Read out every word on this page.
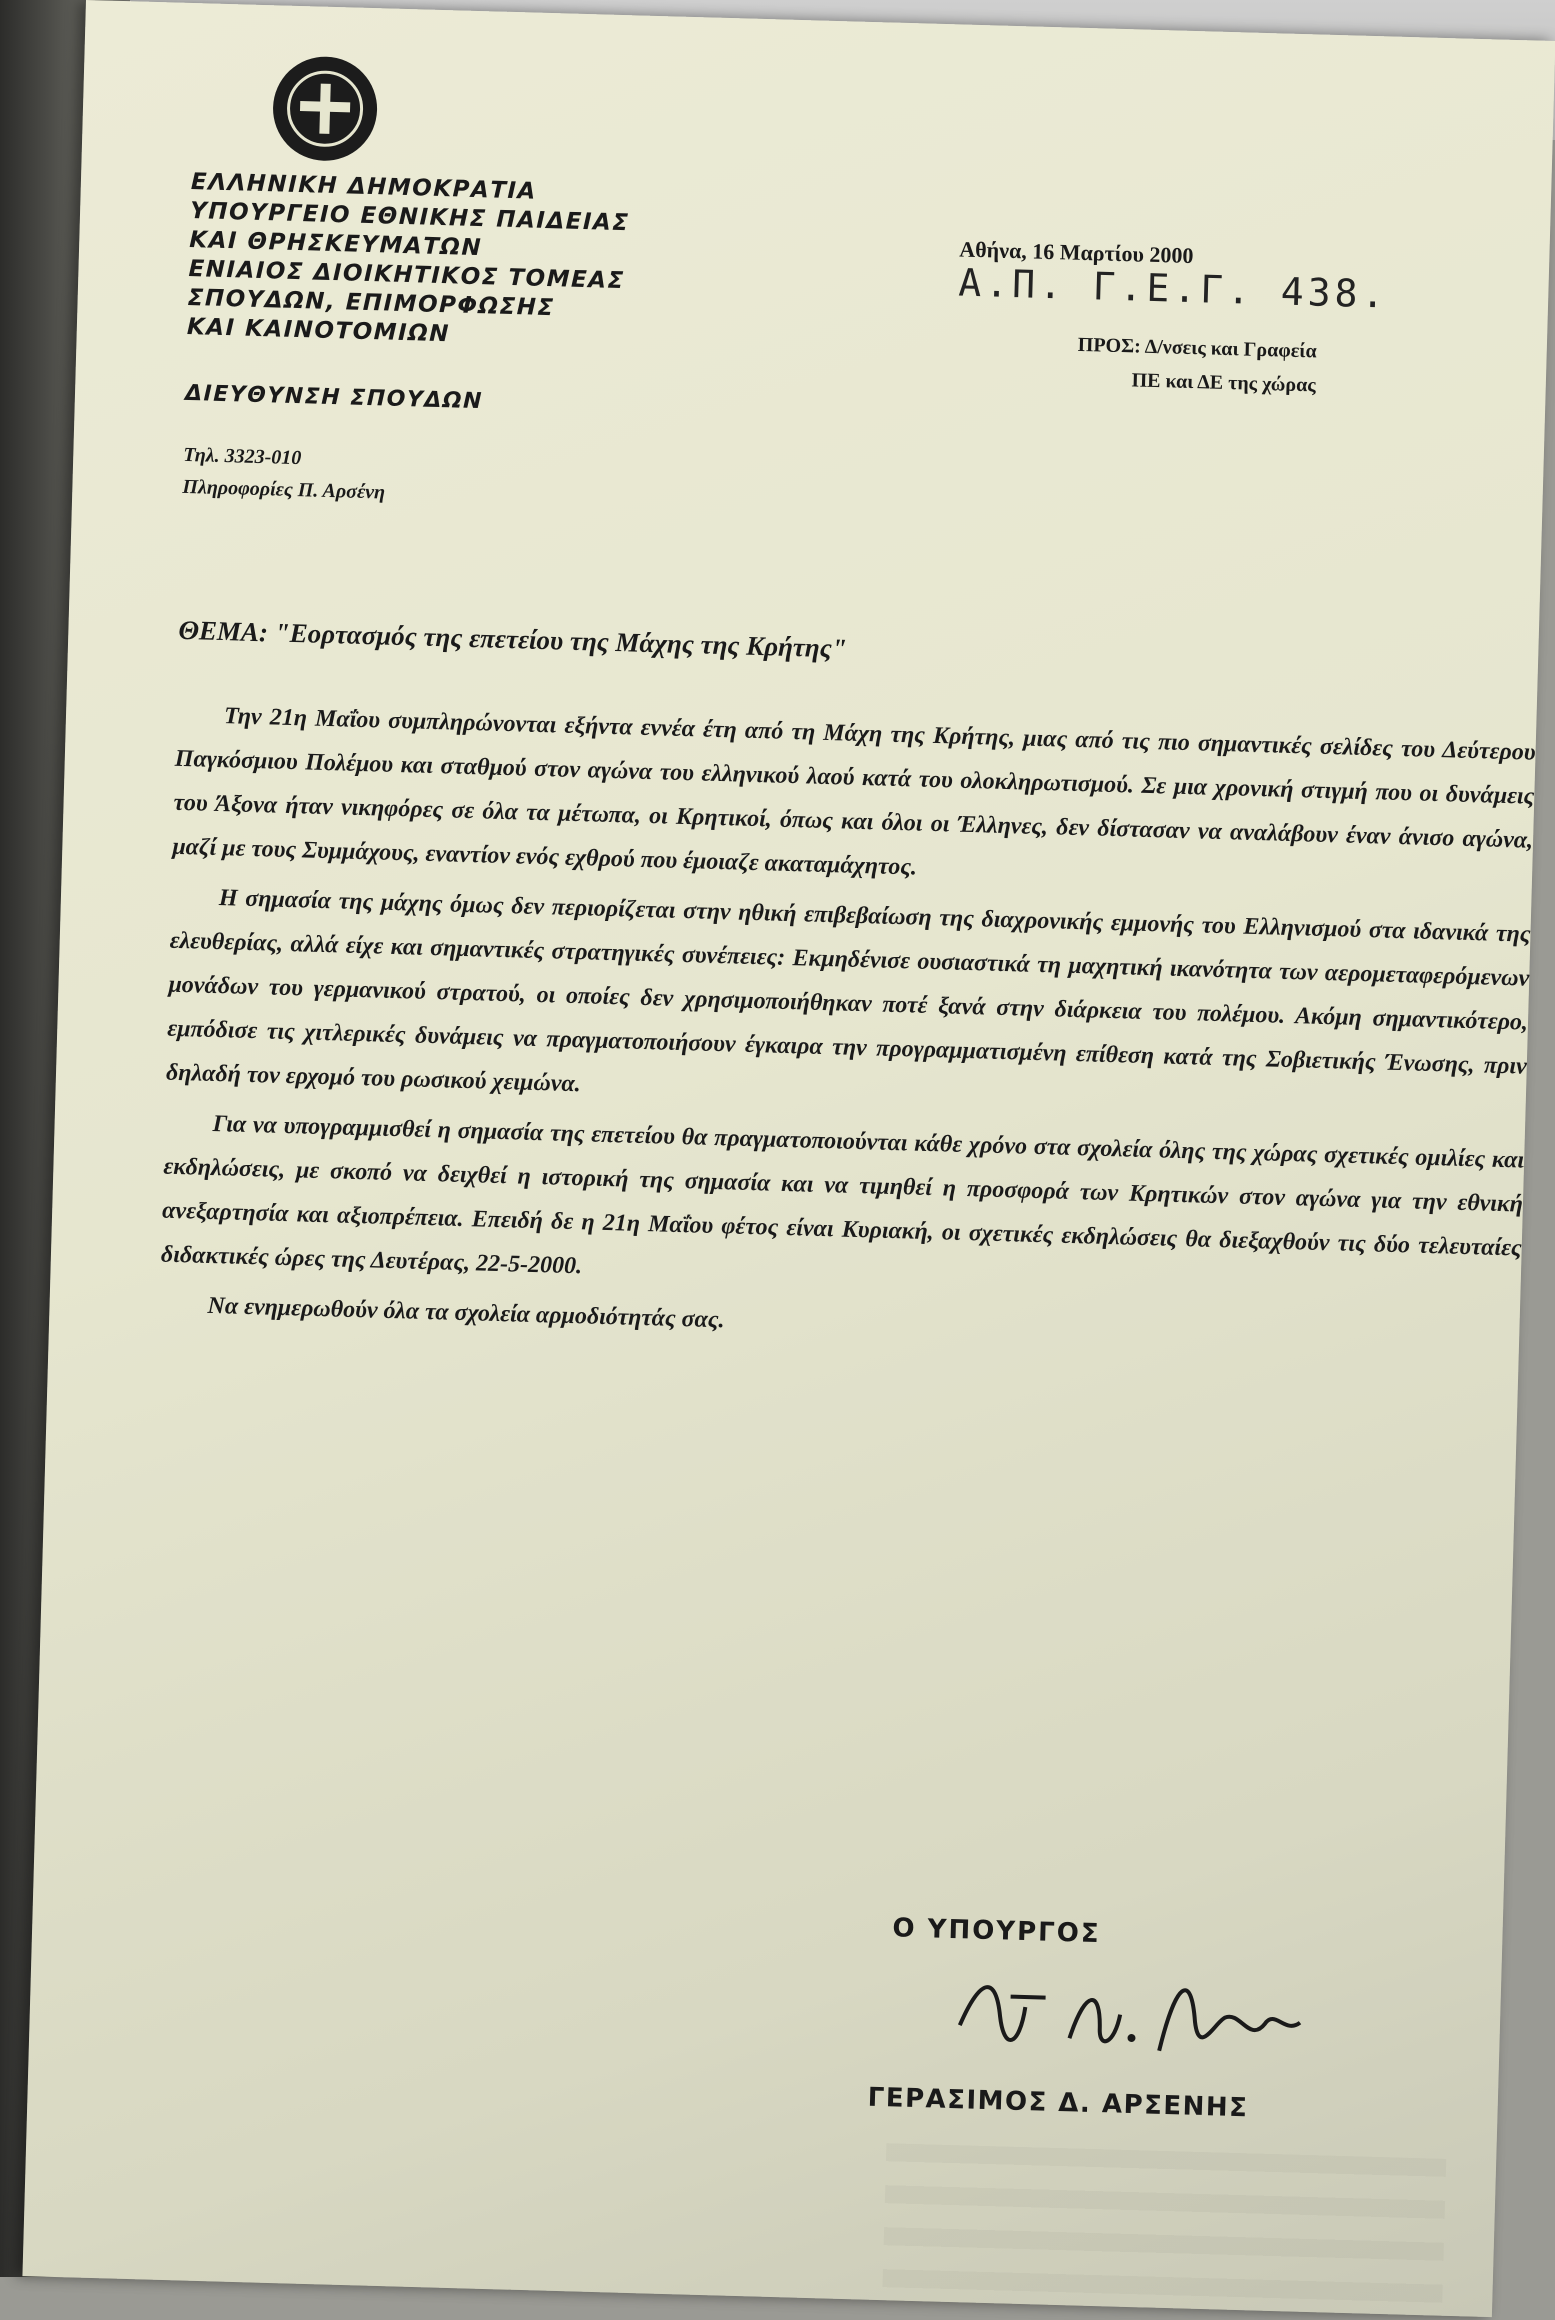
ΕΛΛΗΝΙΚΗ ΔΗΜΟΚΡΑΤΙΑ
ΥΠΟΥΡΓΕΙΟ ΕΘΝΙΚΗΣ ΠΑΙΔΕΙΑΣ
ΚΑΙ ΘΡΗΣΚΕΥΜΑΤΩΝ
ΕΝΙΑΙΟΣ ΔΙΟΙΚΗΤΙΚΟΣ ΤΟΜΕΑΣ
ΣΠΟΥΔΩΝ, ΕΠΙΜΟΡΦΩΣΗΣ
ΚΑΙ ΚΑΙΝΟΤΟΜΙΩΝ
ΔΙΕΥΘΥΝΣΗ ΣΠΟΥΔΩΝ
Τηλ. 3323-010
Πληροφορίες Π. Αρσένη
Αθήνα, 16 Μαρτίου 2000
Α.Π. Γ.Ε.Γ. 438.
ΠΡΟΣ: Δ/νσεις και Γραφεία
ΠΕ και ΔΕ της χώρας
ΘΕΜΑ: "Εορτασμός της επετείου της Μάχης της Κρήτης"

Την 21η Μαΐου συμπληρώνονται εξήντα εννέα έτη από τη Μάχη της Κρήτης, μιας από τις πιο σημαντικές σελίδες του Δεύτερου Παγκόσμιου Πολέμου και σταθμού στον αγώνα του ελληνικού λαού κατά του ολοκληρωτισμού. Σε μια χρονική στιγμή που οι δυνάμεις του Άξονα ήταν νικηφόρες σε όλα τα μέτωπα, οι Κρητικοί, όπως και όλοι οι Έλληνες, δεν δίστασαν να αναλάβουν έναν άνισο αγώνα, μαζί με τους Συμμάχους, εναντίον ενός εχθρού που έμοιαζε ακαταμάχητος.

Η σημασία της μάχης όμως δεν περιορίζεται στην ηθική επιβεβαίωση της διαχρονικής εμμονής του Ελληνισμού στα ιδανικά της ελευθερίας, αλλά είχε και σημαντικές στρατηγικές συνέπειες: Εκμηδένισε ουσιαστικά τη μαχητική ικανότητα των αερομεταφερόμενων μονάδων του γερμανικού στρατού, οι οποίες δεν χρησιμοποιήθηκαν ποτέ ξανά στην διάρκεια του πολέμου. Ακόμη σημαντικότερο, εμπόδισε τις χιτλερικές δυνάμεις να πραγματοποιήσουν έγκαιρα την προγραμματισμένη επίθεση κατά της Σοβιετικής Ένωσης, πριν δηλαδή τον ερχομό του ρωσικού χειμώνα.

Για να υπογραμμισθεί η σημασία της επετείου θα πραγματοποιούνται κάθε χρόνο στα σχολεία όλης της χώρας σχετικές ομιλίες και εκδηλώσεις, με σκοπό να δειχθεί η ιστορική της σημασία και να τιμηθεί η προσφορά των Κρητικών στον αγώνα για την εθνική ανεξαρτησία και αξιοπρέπεια. Επειδή δε η 21η Μαΐου φέτος είναι Κυριακή, οι σχετικές εκδηλώσεις θα διεξαχθούν τις δύο τελευταίες διδακτικές ώρες της Δευτέρας, 22-5-2000.

Να ενημερωθούν όλα τα σχολεία αρμοδιότητάς σας.

Ο ΥΠΟΥΡΓΟΣ
ΓΕΡΑΣΙΜΟΣ Δ. ΑΡΣΕΝΗΣ
